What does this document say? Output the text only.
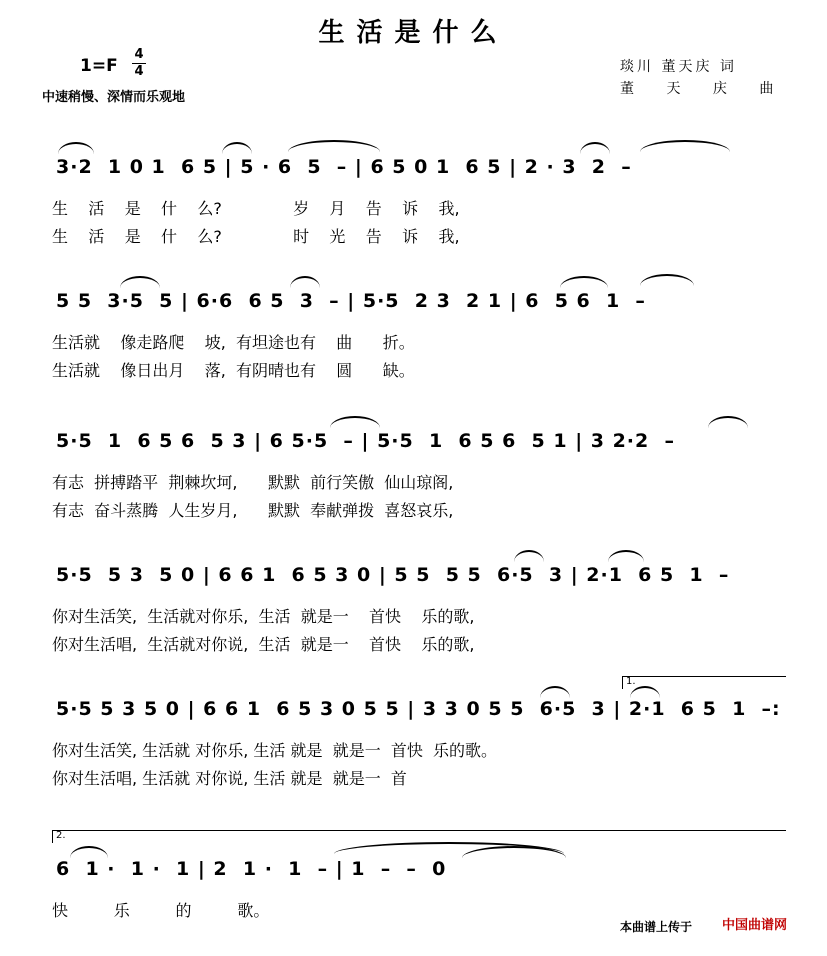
生活是什么
1=F
4
4
中速稍慢、深情而乐观地
琰川 董天庆 词
董 天 庆 曲
3·2  1 0 1  6 5 | 5 · 6  5  – | 6 5 0 1  6 5 | 2 · 3  2  –
生    活    是    什    么?              岁    月    告    诉    我,
生    活    是    什    么?              时    光    告    诉    我,
5 5  3·5  5 | 6·6  6 5  3  – | 5·5  2 3  2 1 | 6  5 6  1  –
生活就    像走路爬    坡,  有坦途也有    曲      折。
生活就    像日出月    落,  有阴晴也有    圆      缺。
5·5  1  6 5 6  5 3 | 6 5·5  – | 5·5  1  6 5 6  5 1 | 3 2·2  –
有志  拼搏踏平  荆棘坎坷,      默默  前行笑傲  仙山琼阁,
有志  奋斗蒸腾  人生岁月,      默默  奉献弹拨  喜怒哀乐,
5·5  5 3  5 0 | 6 6 1  6 5 3 0 | 5 5  5 5  6·5  3 | 2·1  6 5  1  –
你对生活笑,  生活就对你乐,  生活  就是一    首快    乐的歌,
你对生活唱,  生活就对你说,  生活  就是一    首快    乐的歌,
1.
5·5 5 3 5 0 | 6 6 1  6 5 3 0 5 5 | 3 3 0 5 5  6·5  3 | 2·1  6 5  1  –:
你对生活笑, 生活就 对你乐, 生活 就是  就是一  首快  乐的歌。
你对生活唱, 生活就 对你说, 生活 就是  就是一  首
2.
6  1 ·  1 ·  1 | 2  1 ·  1  – | 1  –  –  0
快         乐         的         歌。
本曲谱上传于 中国曲谱网
